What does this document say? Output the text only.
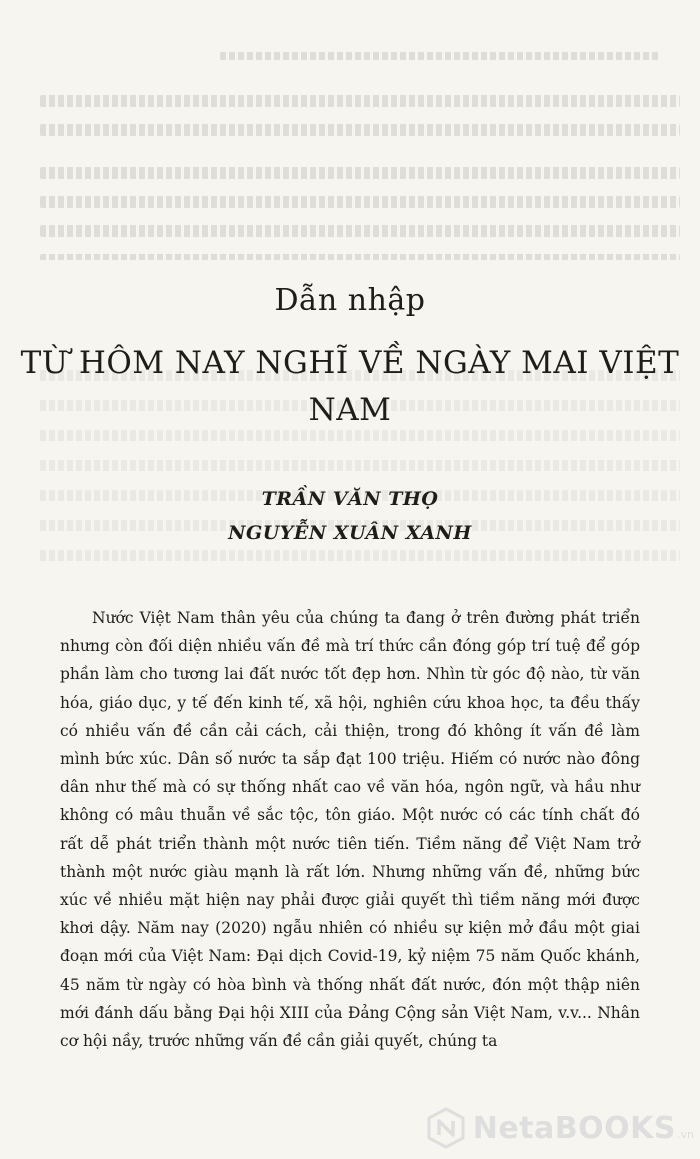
Dẫn nhập
TỪ HÔM NAY NGHĨ VỀ NGÀY MAI VIỆT NAM
TRẦN VĂN THỌ
NGUYỄN XUÂN XANH

Nước Việt Nam thân yêu của chúng ta đang ở trên đường phát triển nhưng còn đối diện nhiều vấn đề mà trí thức cần đóng góp trí tuệ để góp phần làm cho tương lai đất nước tốt đẹp hơn. Nhìn từ góc độ nào, từ văn hóa, giáo dục, y tế đến kinh tế, xã hội, nghiên cứu khoa học, ta đều thấy có nhiều vấn đề cần cải cách, cải thiện, trong đó không ít vấn đề làm mình bức xúc. Dân số nước ta sắp đạt 100 triệu. Hiếm có nước nào đông dân như thế mà có sự thống nhất cao về văn hóa, ngôn ngữ, và hầu như không có mâu thuẫn về sắc tộc, tôn giáo. Một nước có các tính chất đó rất dễ phát triển thành một nước tiên tiến. Tiềm năng để Việt Nam trở thành một nước giàu mạnh là rất lớn. Nhưng những vấn đề, những bức xúc về nhiều mặt hiện nay phải được giải quyết thì tiềm năng mới được khơi dậy. Năm nay (2020) ngẫu nhiên có nhiều sự kiện mở đầu một giai đoạn mới của Việt Nam: Đại dịch Covid-19, kỷ niệm 75 năm Quốc khánh, 45 năm từ ngày có hòa bình và thống nhất đất nước, đón một thập niên mới đánh dấu bằng Đại hội XIII của Đảng Cộng sản Việt Nam, v.v... Nhân cơ hội nầy, trước những vấn đề cần giải quyết, chúng ta

NetaBOOKS .vn
